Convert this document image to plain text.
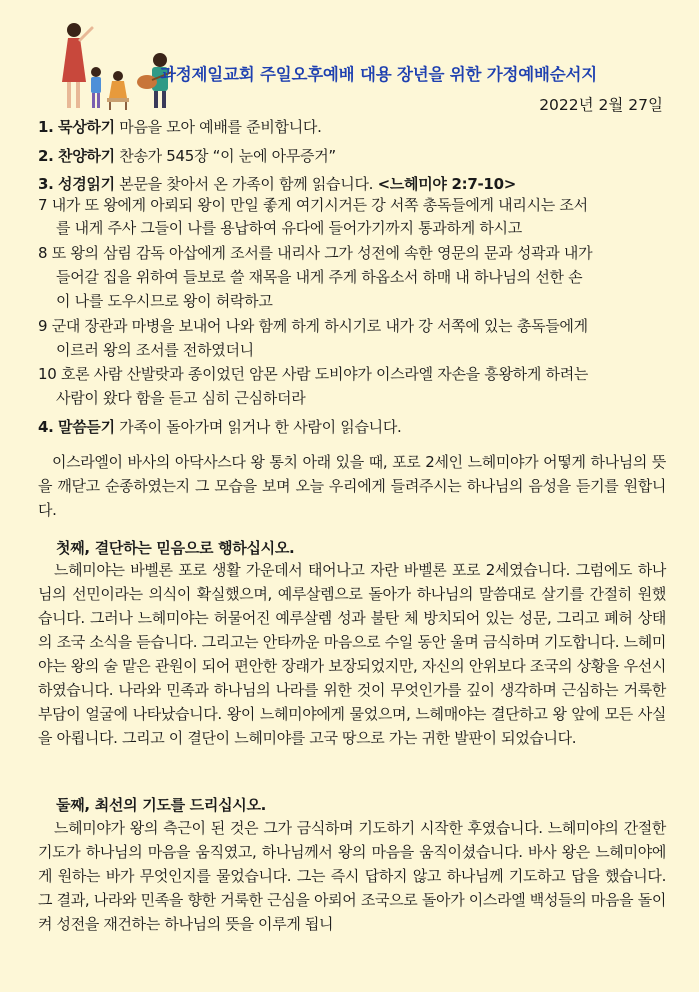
과정제일교회 주일오후예배 대용 장년을 위한 가정예배순서지
2022년 2월 27일
1. 묵상하기 마음을 모아 예배를 준비합니다.
2. 찬양하기 찬송가 545장 “이 눈에 아무증거”
3. 성경읽기 본문을 찾아서 온 가족이 함께 읽습니다. <느헤미야 2:7-10>
7 내가 또 왕에게 아뢰되 왕이 만일 좋게 여기시거든 강 서쪽 총독들에게 내리시는 조서
를 내게 주사 그들이 나를 용납하여 유다에 들어가기까지 통과하게 하시고
8 또 왕의 삼림 감독 아삽에게 조서를 내리사 그가 성전에 속한 영문의 문과 성곽과 내가
들어갈 집을 위하여 들보로 쓸 재목을 내게 주게 하옵소서 하매 내 하나님의 선한 손
이 나를 도우시므로 왕이 허락하고
9 군대 장관과 마병을 보내어 나와 함께 하게 하시기로 내가 강 서쪽에 있는 총독들에게
이르러 왕의 조서를 전하였더니
10 호론 사람 산발랏과 종이었던 암몬 사람 도비야가 이스라엘 자손을 흥왕하게 하려는
사람이 왔다 함을 듣고 심히 근심하더라
4. 말씀듣기 가족이 돌아가며 읽거나 한 사람이 읽습니다.
이스라엘이 바사의 아닥사스다 왕 통치 아래 있을 때, 포로 2세인 느헤미야가 어떻게 하나님의 뜻을 깨닫고 순종하였는지 그 모습을 보며 오늘 우리에게 들려주시는 하나님의 음성을 듣기를 원합니다.
첫째, 결단하는 믿음으로 행하십시오.
느헤미야는 바벨론 포로 생활 가운데서 태어나고 자란 바벨론 포로 2세였습니다. 그럼에도 하나님의 선민이라는 의식이 확실했으며, 예루살렘으로 돌아가 하나님의 말씀대로 살기를 간절히 원했습니다. 그러나 느헤미야는 허물어진 예루살렘 성과 불탄 체 방치되어 있는 성문, 그리고 폐허 상태의 조국 소식을 듣습니다. 그리고는 안타까운 마음으로 수일 동안 울며 금식하며 기도합니다. 느헤미야는 왕의 술 맡은 관원이 되어 편안한 장래가 보장되었지만, 자신의 안위보다 조국의 상황을 우선시 하였습니다. 나라와 민족과 하나님의 나라를 위한 것이 무엇인가를 깊이 생각하며 근심하는 거룩한 부담이 얼굴에 나타났습니다. 왕이 느헤미야에게 물었으며, 느헤매야는 결단하고 왕 앞에 모든 사실을 아룁니다. 그리고 이 결단이 느헤미야를 고국 땅으로 가는 귀한 발판이 되었습니다.
둘째, 최선의 기도를 드리십시오.
느헤미야가 왕의 측근이 된 것은 그가 금식하며 기도하기 시작한 후였습니다. 느헤미야의 간절한 기도가 하나님의 마음을 움직였고, 하나님께서 왕의 마음을 움직이셨습니다. 바사 왕은 느헤미야에게 원하는 바가 무엇인지를 물었습니다. 그는 즉시 답하지 않고 하나님께 기도하고 답을 했습니다. 그 결과, 나라와 민족을 향한 거룩한 근심을 아뢰어 조국으로 돌아가 이스라엘 백성들의 마음을 돌이켜 성전을 재건하는 하나님의 뜻을 이루게 됩니
